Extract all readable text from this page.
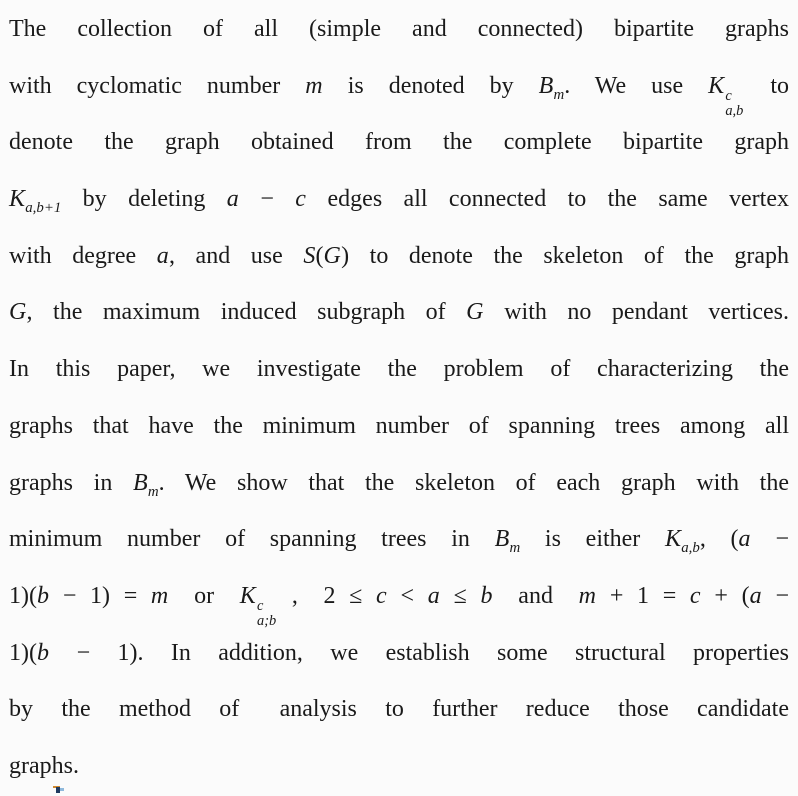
The collection of all (simple and connected) bipartite graphs
with cyclomatic number m is denoted by $B_m$. We use K c
a,b
to
denote the graph obtained from the complete bipartite graph
$K_{a,b+1}$ by deleting a − c edges all connected to the same vertex
with degree a, and use S(G) to denote the skeleton of the graph
G, the maximum induced subgraph of G with no pendant vertices.
In this paper, we investigate the problem of characterizing the
graphs that have the minimum number of spanning trees among all
graphs in $B_m$. We show that the skeleton of each graph with the
minimum number of spanning trees in $B_m$ is either $K_{a,b}$, (a −
1)(b − 1) = m  or  K c
a;b
,  2 ≤ c < a ≤ b  and  m + 1 = c + (a −
1)(b − 1). In addition, we establish some structural properties
by the method of  analysis to further reduce those candidate
graphs.
